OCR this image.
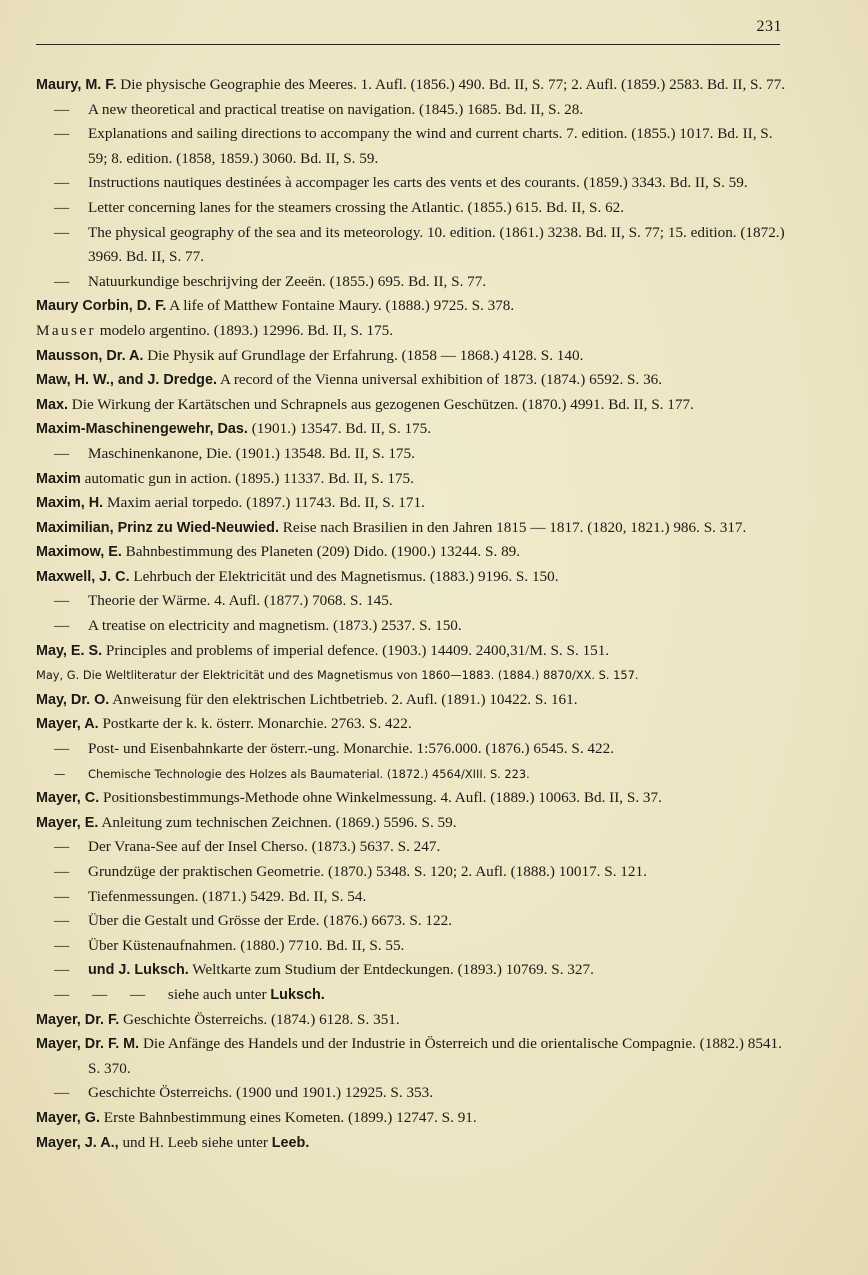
231

Maury, M. F. Die physische Geographie des Meeres. 1. Aufl. (1856.) 490. Bd. II, S. 77; 2. Aufl. (1859.) 2583. Bd. II, S. 77.

— A new theoretical and practical treatise on navigation. (1845.) 1685. Bd. II, S. 28.

— Explanations and sailing directions to accompany the wind and current charts. 7. edition. (1855.) 1017. Bd. II, S. 59; 8. edition. (1858, 1859.) 3060. Bd. II, S. 59.

— Instructions nautiques destinées à accompager les carts des vents et des courants. (1859.) 3343. Bd. II, S. 59.

— Letter concerning lanes for the steamers crossing the Atlantic. (1855.) 615. Bd. II, S. 62.

— The physical geography of the sea and its meteorology. 10. edition. (1861.) 3238. Bd. II, S. 77; 15. edition. (1872.) 3969. Bd. II, S. 77.

— Natuurkundige beschrijving der Zeeën. (1855.) 695. Bd. II, S. 77.

Maury Corbin, D. F. A life of Matthew Fontaine Maury. (1888.) 9725. S. 378.

Mauser modelo argentino. (1893.) 12996. Bd. II, S. 175.

Mausson, Dr. A. Die Physik auf Grundlage der Erfahrung. (1858 — 1868.) 4128. S. 140.

Maw, H. W., and J. Dredge. A record of the Vienna universal exhibition of 1873. (1874.) 6592. S. 36.

Max. Die Wirkung der Kartätschen und Schrapnels aus gezogenen Geschützen. (1870.) 4991. Bd. II, S. 177.

Maxim-Maschinengewehr, Das. (1901.) 13547. Bd. II, S. 175.

— Maschinenkanone, Die. (1901.) 13548. Bd. II, S. 175.

Maxim automatic gun in action. (1895.) 11337. Bd. II, S. 175.

Maxim, H. Maxim aerial torpedo. (1897.) 11743. Bd. II, S. 171.

Maximilian, Prinz zu Wied-Neuwied. Reise nach Brasilien in den Jahren 1815 — 1817. (1820, 1821.) 986. S. 317.

Maximow, E. Bahnbestimmung des Planeten (209) Dido. (1900.) 13244. S. 89.

Maxwell, J. C. Lehrbuch der Elektricität und des Magnetismus. (1883.) 9196. S. 150.

— Theorie der Wärme. 4. Aufl. (1877.) 7068. S. 145.

— A treatise on electricity and magnetism. (1873.) 2537. S. 150.

May, E. S. Principles and problems of imperial defence. (1903.) 14409. 2400,31/M. S. S. 151.

May, G. Die Weltliteratur der Elektricität und des Magnetismus von 1860—1883. (1884.) 8870/XX. S. 157.

May, Dr. O. Anweisung für den elektrischen Lichtbetrieb. 2. Aufl. (1891.) 10422. S. 161.

Mayer, A. Postkarte der k. k. österr. Monarchie. 2763. S. 422.

— Post- und Eisenbahnkarte der österr.-ung. Monarchie. 1:576.000. (1876.) 6545. S. 422.

— Chemische Technologie des Holzes als Baumaterial. (1872.) 4564/XIII. S. 223.

Mayer, C. Positionsbestimmungs-Methode ohne Winkelmessung. 4. Aufl. (1889.) 10063. Bd. II, S. 37.

Mayer, E. Anleitung zum technischen Zeichnen. (1869.) 5596. S. 59.

— Der Vrana-See auf der Insel Cherso. (1873.) 5637. S. 247.

— Grundzüge der praktischen Geometrie. (1870.) 5348. S. 120; 2. Aufl. (1888.) 10017. S. 121.

— Tiefenmessungen. (1871.) 5429. Bd. II, S. 54.

— Über die Gestalt und Grösse der Erde. (1876.) 6673. S. 122.

— Über Küstenaufnahmen. (1880.) 7710. Bd. II, S. 55.

— und J. Luksch. Weltkarte zum Studium der Entdeckungen. (1893.) 10769. S. 327.

—      —      — siehe auch unter Luksch.

Mayer, Dr. F. Geschichte Österreichs. (1874.) 6128. S. 351.

Mayer, Dr. F. M. Die Anfänge des Handels und der Industrie in Österreich und die orientalische Compagnie. (1882.) 8541. S. 370.

— Geschichte Österreichs. (1900 und 1901.) 12925. S. 353.

Mayer, G. Erste Bahnbestimmung eines Kometen. (1899.) 12747. S. 91.

Mayer, J. A., und H. Leeb siehe unter Leeb.
